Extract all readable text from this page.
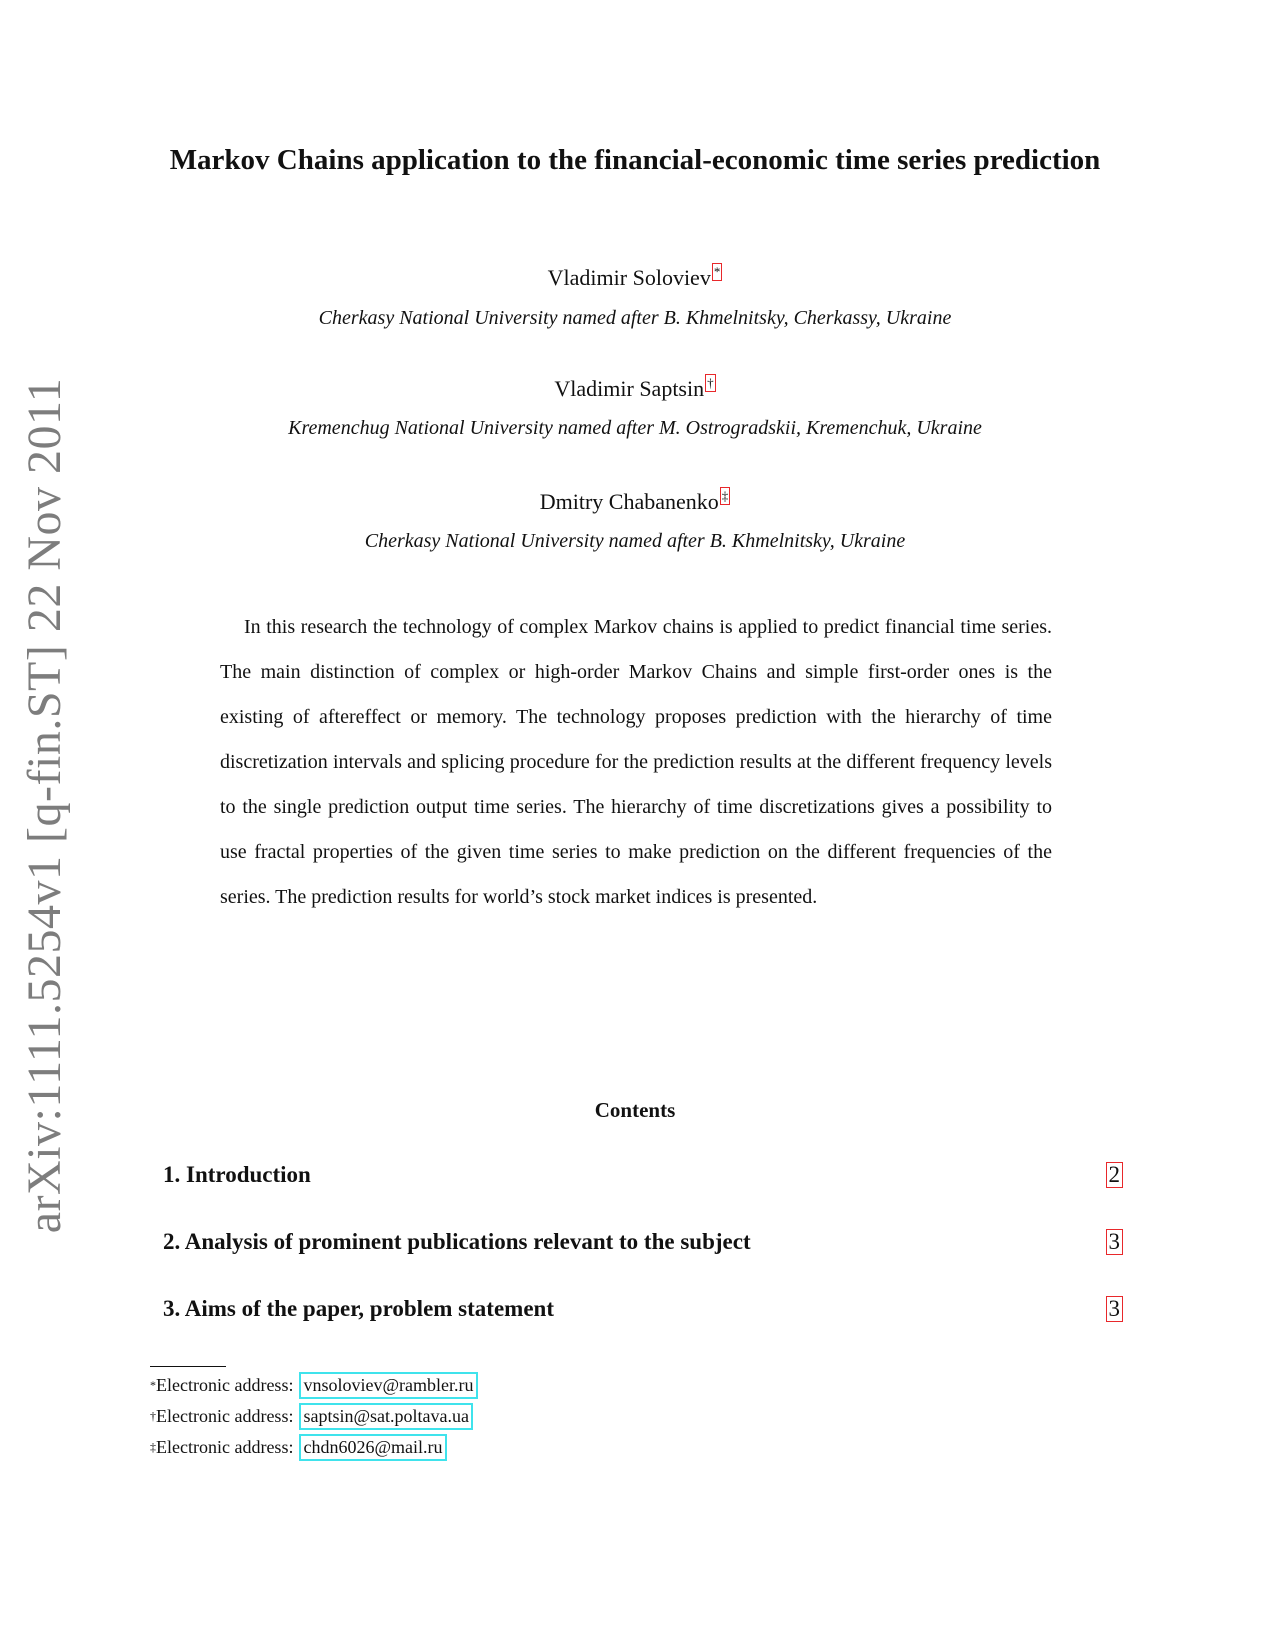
arXiv:1111.5254v1 [q-fin.ST] 22 Nov 2011
Markov Chains application to the financial-economic time series prediction
Vladimir Soloviev *
Cherkasy National University named after B. Khmelnitsky, Cherkassy, Ukraine
Vladimir Saptsin †
Kremenchug National University named after M. Ostrogradskii, Kremenchuk, Ukraine
Dmitry Chabanenko ‡
Cherkasy National University named after B. Khmelnitsky, Ukraine

In this research the technology of complex Markov chains is applied to predict financial time series. The main distinction of complex or high-order Markov Chains and simple first-order ones is the existing of aftereffect or memory. The technology proposes prediction with the hierarchy of time discretization intervals and splicing procedure for the prediction results at the different frequency levels to the single prediction output time series. The hierarchy of time discretizations gives a possibility to use fractal properties of the given time series to make prediction on the different frequencies of the series. The prediction results for world’s stock market indices is presented.

Contents
1. Introduction	2
2. Analysis of prominent publications relevant to the subject	3
3. Aims of the paper, problem statement	3
* Electronic address: vnsoloviev@rambler.ru
† Electronic address: saptsin@sat.poltava.ua
‡ Electronic address: chdn6026@mail.ru
